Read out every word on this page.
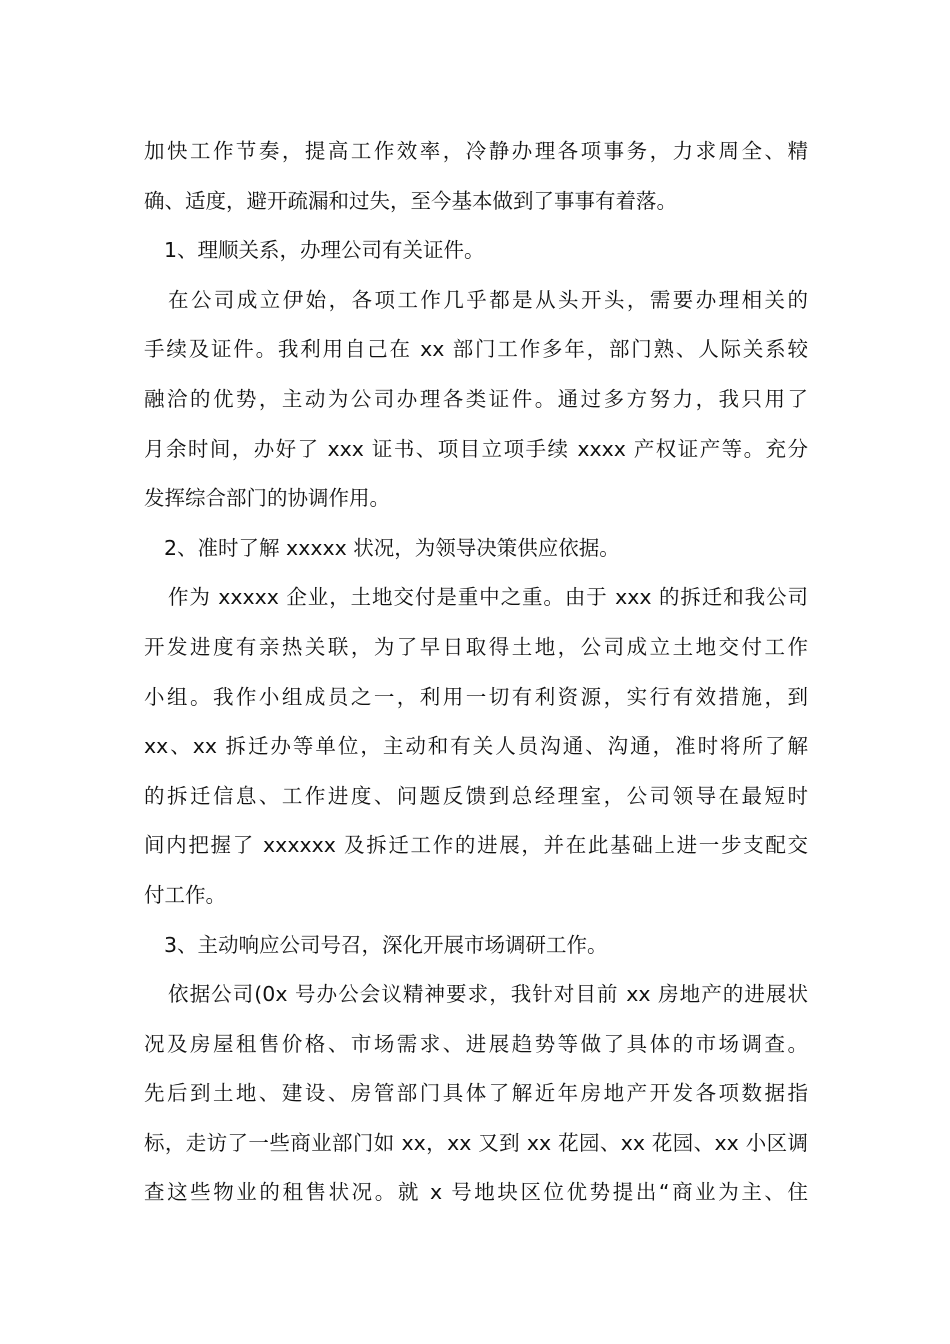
加快工作节奏，提高工作效率，冷静办理各项事务，力求周全、精
确、适度，避开疏漏和过失，至今基本做到了事事有着落。
1、理顺关系，办理公司有关证件。
在公司成立伊始，各项工作几乎都是从头开头，需要办理相关的
手续及证件。我利用自己在 xx 部门工作多年，部门熟、人际关系较
融洽的优势，主动为公司办理各类证件。通过多方努力，我只用了
月余时间，办好了 xxx 证书、项目立项手续 xxxx 产权证产等。充分
发挥综合部门的协调作用。
2、准时了解 xxxxx 状况，为领导决策供应依据。
作为 xxxxx 企业，土地交付是重中之重。由于 xxx 的拆迁和我公司
开发进度有亲热关联，为了早日取得土地，公司成立土地交付工作
小组。我作小组成员之一，利用一切有利资源，实行有效措施，到
xx、xx 拆迁办等单位，主动和有关人员沟通、沟通，准时将所了解
的拆迁信息、工作进度、问题反馈到总经理室，公司领导在最短时
间内把握了 xxxxxx 及拆迁工作的进展，并在此基础上进一步支配交
付工作。
3、主动响应公司号召，深化开展市场调研工作。
依据公司(0x 号办公会议精神要求，我针对目前 xx 房地产的进展状
况及房屋租售价格、市场需求、进展趋势等做了具体的市场调查。
先后到土地、建设、房管部门具体了解近年房地产开发各项数据指
标，走访了一些商业部门如 xx，xx 又到 xx 花园、xx 花园、xx 小区调
查这些物业的租售状况。就 x 号地块区位优势提出“商业为主、住
